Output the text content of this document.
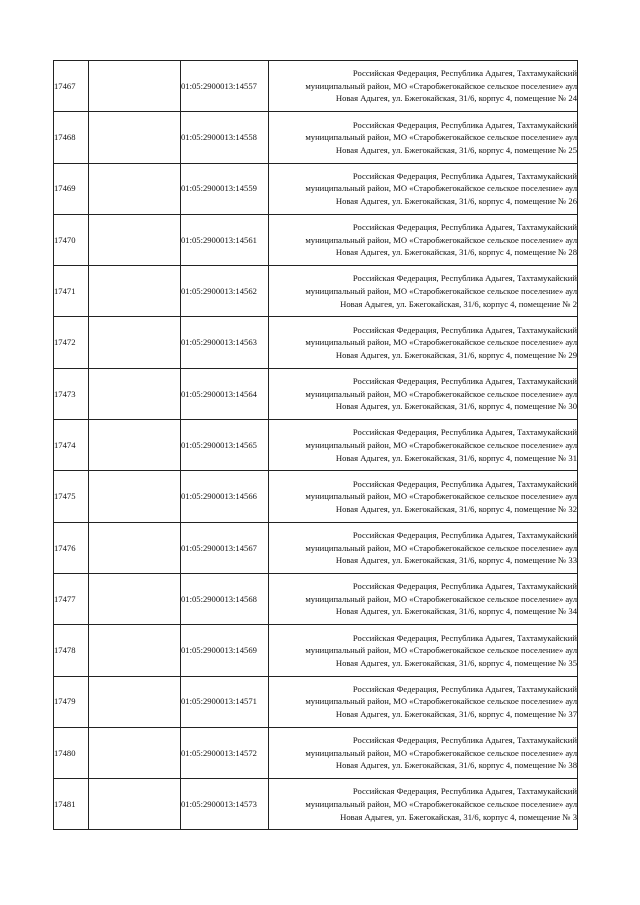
17467		01:05:2900013:14557	Российская Федерация, Республика Адыгея, Тахтамукайский
муниципальный район, МО «Старобжегокайское сельское поселение» аул
Новая Адыгея, ул. Бжегокайская, 31/6, корпус 4, помещение № 24

17468		01:05:2900013:14558	Российская Федерация, Республика Адыгея, Тахтамукайский
муниципальный район, МО «Старобжегокайское сельское поселение» аул
Новая Адыгея, ул. Бжегокайская, 31/6, корпус 4, помещение № 25

17469		01:05:2900013:14559	Российская Федерация, Республика Адыгея, Тахтамукайский
муниципальный район, МО «Старобжегокайское сельское поселение» аул
Новая Адыгея, ул. Бжегокайская, 31/6, корпус 4, помещение № 26

17470		01:05:2900013:14561	Российская Федерация, Республика Адыгея, Тахтамукайский
муниципальный район, МО «Старобжегокайское сельское поселение» аул
Новая Адыгея, ул. Бжегокайская, 31/6, корпус 4, помещение № 28

17471		01:05:2900013:14562	Российская Федерация, Республика Адыгея, Тахтамукайский
муниципальный район, МО «Старобжегокайское сельское поселение» аул
Новая Адыгея, ул. Бжегокайская, 31/6, корпус 4, помещение № 2

17472		01:05:2900013:14563	Российская Федерация, Республика Адыгея, Тахтамукайский
муниципальный район, МО «Старобжегокайское сельское поселение» аул
Новая Адыгея, ул. Бжегокайская, 31/6, корпус 4, помещение № 29

17473		01:05:2900013:14564	Российская Федерация, Республика Адыгея, Тахтамукайский
муниципальный район, МО «Старобжегокайское сельское поселение» аул
Новая Адыгея, ул. Бжегокайская, 31/6, корпус 4, помещение № 30

17474		01:05:2900013:14565	Российская Федерация, Республика Адыгея, Тахтамукайский
муниципальный район, МО «Старобжегокайское сельское поселение» аул
Новая Адыгея, ул. Бжегокайская, 31/6, корпус 4, помещение № 31

17475		01:05:2900013:14566	Российская Федерация, Республика Адыгея, Тахтамукайский
муниципальный район, МО «Старобжегокайское сельское поселение» аул
Новая Адыгея, ул. Бжегокайская, 31/6, корпус 4, помещение № 32

17476		01:05:2900013:14567	Российская Федерация, Республика Адыгея, Тахтамукайский
муниципальный район, МО «Старобжегокайское сельское поселение» аул
Новая Адыгея, ул. Бжегокайская, 31/6, корпус 4, помещение № 33

17477		01:05:2900013:14568	Российская Федерация, Республика Адыгея, Тахтамукайский
муниципальный район, МО «Старобжегокайское сельское поселение» аул
Новая Адыгея, ул. Бжегокайская, 31/6, корпус 4, помещение № 34

17478		01:05:2900013:14569	Российская Федерация, Республика Адыгея, Тахтамукайский
муниципальный район, МО «Старобжегокайское сельское поселение» аул
Новая Адыгея, ул. Бжегокайская, 31/6, корпус 4, помещение № 35

17479		01:05:2900013:14571	Российская Федерация, Республика Адыгея, Тахтамукайский
муниципальный район, МО «Старобжегокайское сельское поселение» аул
Новая Адыгея, ул. Бжегокайская, 31/6, корпус 4, помещение № 37

17480		01:05:2900013:14572	Российская Федерация, Республика Адыгея, Тахтамукайский
муниципальный район, МО «Старобжегокайское сельское поселение» аул
Новая Адыгея, ул. Бжегокайская, 31/6, корпус 4, помещение № 38

17481		01:05:2900013:14573	Российская Федерация, Республика Адыгея, Тахтамукайский
муниципальный район, МО «Старобжегокайское сельское поселение» аул
Новая Адыгея, ул. Бжегокайская, 31/6, корпус 4, помещение № 3
